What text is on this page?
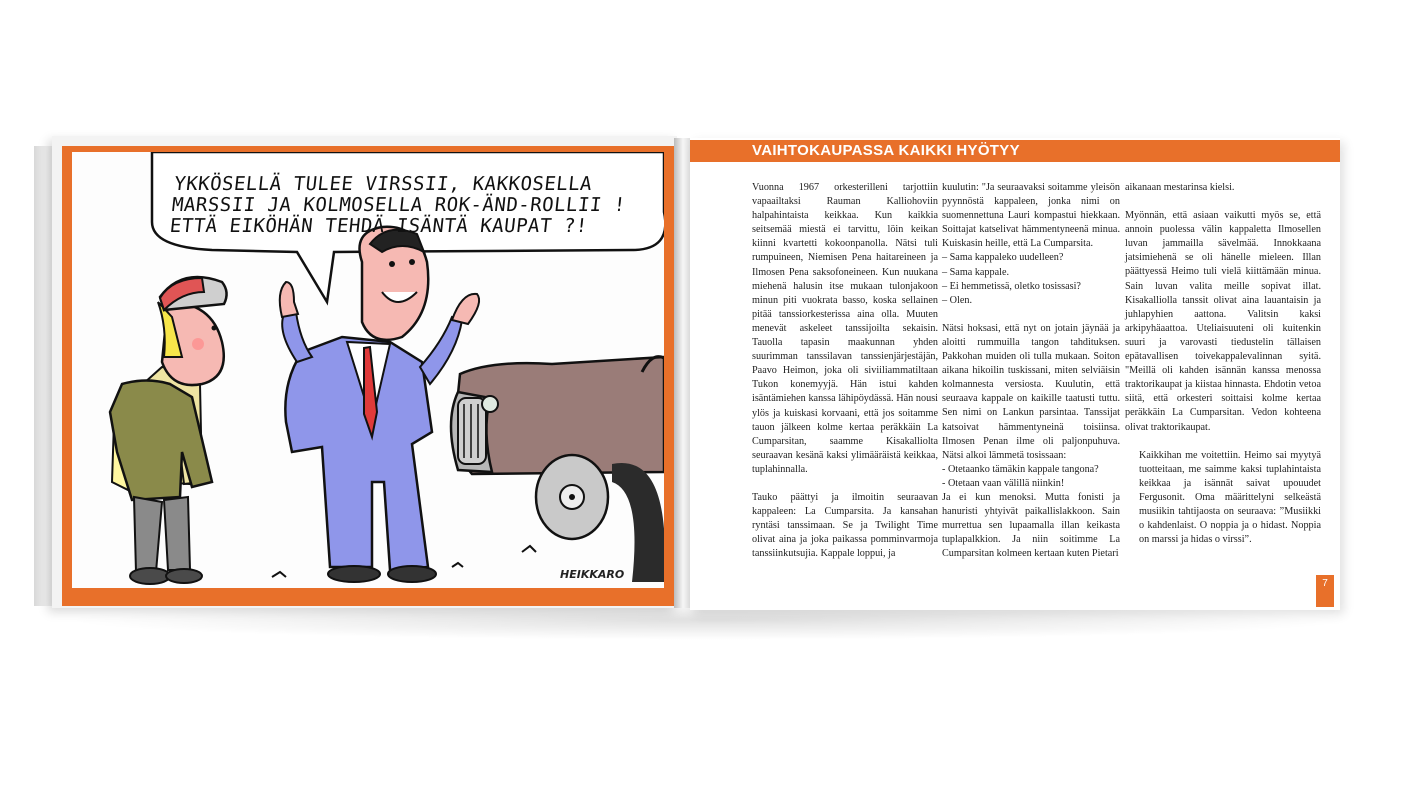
YKKÖSELLÄ TULEE VIRSSII, KAKKOSELLA
MARSSII JA KOLMOSELLA ROK-ÄND-ROLLII !
ETTÄ EIKÖHÄN TEHDÄ ISÄNTÄ KAUPAT ?!
HEIKKARO
VAIHTOKAUPASSA KAIKKI HYÖTYY

Vuonna 1967 orkesterilleni tarjottiin vapaailtaksi Rauman Kalliohoviin halpahintaista keikkaa. Kun kaikkia seitsemää miestä ei tarvittu, löin keikan kiinni kvartetti kokoonpanolla. Nätsi tuli rumpuineen, Niemisen Pena haitareineen ja Ilmosen Pena saksofoneineen. Kun nuukana miehenä halusin itse mukaan tulonjakoon minun piti vuokrata basso, koska sellainen pitää tanssiorkesterissa aina olla. Muuten menevät askeleet tanssijoilta sekaisin. Tauolla tapasin maakunnan yhden suurimman tanssilavan tanssienjärjestäjän, Paavo Heimon, joka oli siviiliammatiltaan Tukon konemyyjä. Hän istui kahden isäntämiehen kanssa lähipöydässä. Hän nousi ylös ja kuiskasi korvaani, että jos soitamme tauon jälkeen kolme kertaa peräkkäin La Cumparsitan, saamme Kisakalliolta seuraavan kesänä kaksi ylimääräistä keikkaa, tuplahinnalla.

Tauko päättyi ja ilmoitin seuraavan kappaleen: La Cumparsita. Ja kansahan ryntäsi tanssimaan. Se ja Twilight Time olivat aina ja joka paikassa pomminvarmoja tanssiinkutsujia. Kappale loppui, ja

kuulutin: "Ja seuraavaksi soitamme yleisön pyynnöstä kappaleen, jonka nimi on suomennettuna Lauri kompastui hiekkaan. Soittajat katselivat hämmentyneenä minua. Kuiskasin heille, että La Cumparsita.

– Sama kappaleko uudelleen?
– Sama kappale.
– Ei hemmetissä, oletko tosissasi?
– Olen.

Nätsi hoksasi, että nyt on jotain jäynää ja aloitti rummuilla tangon tahdituksen. Pakkohan muiden oli tulla mukaan. Soiton aikana hikoilin tuskissani, miten selviäisin kolmannesta versiosta. Kuulutin, että seuraava kappale on kaikille taatusti tuttu. Sen nimi on Lankun parsintaa. Tanssijat katsoivat hämmentyneinä toisiinsa. Ilmosen Penan ilme oli paljonpuhuva. Nätsi alkoi lämmetä tosissaan:

- Otetaanko tämäkin kappale tangona?
- Otetaan vaan välillä niinkin!

Ja ei kun menoksi. Mutta fonisti ja hanuristi yhtyivät paikallislakkoon. Sain murrettua sen lupaamalla illan keikasta tuplapalkkion. Ja niin soitimme La Cumparsitan kolmeen kertaan kuten Pietari

aikanaan mestarinsa kielsi.

Myönnän, että asiaan vaikutti myös se, että annoin puolessa välin kappaletta Ilmosellen luvan jammailla sävelmää. Innokkaana jatsimiehenä se oli hänelle mieleen. Illan päättyessä Heimo tuli vielä kiittämään minua. Sain luvan valita meille sopivat illat. Kisakalliolla tanssit olivat aina lauantaisin ja juhlapyhien aattona. Valitsin kaksi arkipyhäaattoa. Uteliaisuuteni oli kuitenkin suuri ja varovasti tiedustelin tällaisen epätavallisen toivekappalevalinnan syitä. "Meillä oli kahden isännän kanssa menossa traktorikaupat ja kiistaa hinnasta. Ehdotin vetoa siitä, että orkesteri soittaisi kolme kertaa peräkkäin La Cumparsitan. Vedon kohteena olivat traktorikaupat.

Kaikkihan me voitettiin. Heimo sai myytyä tuotteitaan, me saimme kaksi tuplahintaista keikkaa ja isännät saivat upouudet Fergusonit. Oma määrittelyni selkeästä musiikin tahtijaosta on seuraava: ”Musiikki o kahdenlaist. O noppia ja o hidast. Noppia on marssi ja hidas o virssi”.

7
